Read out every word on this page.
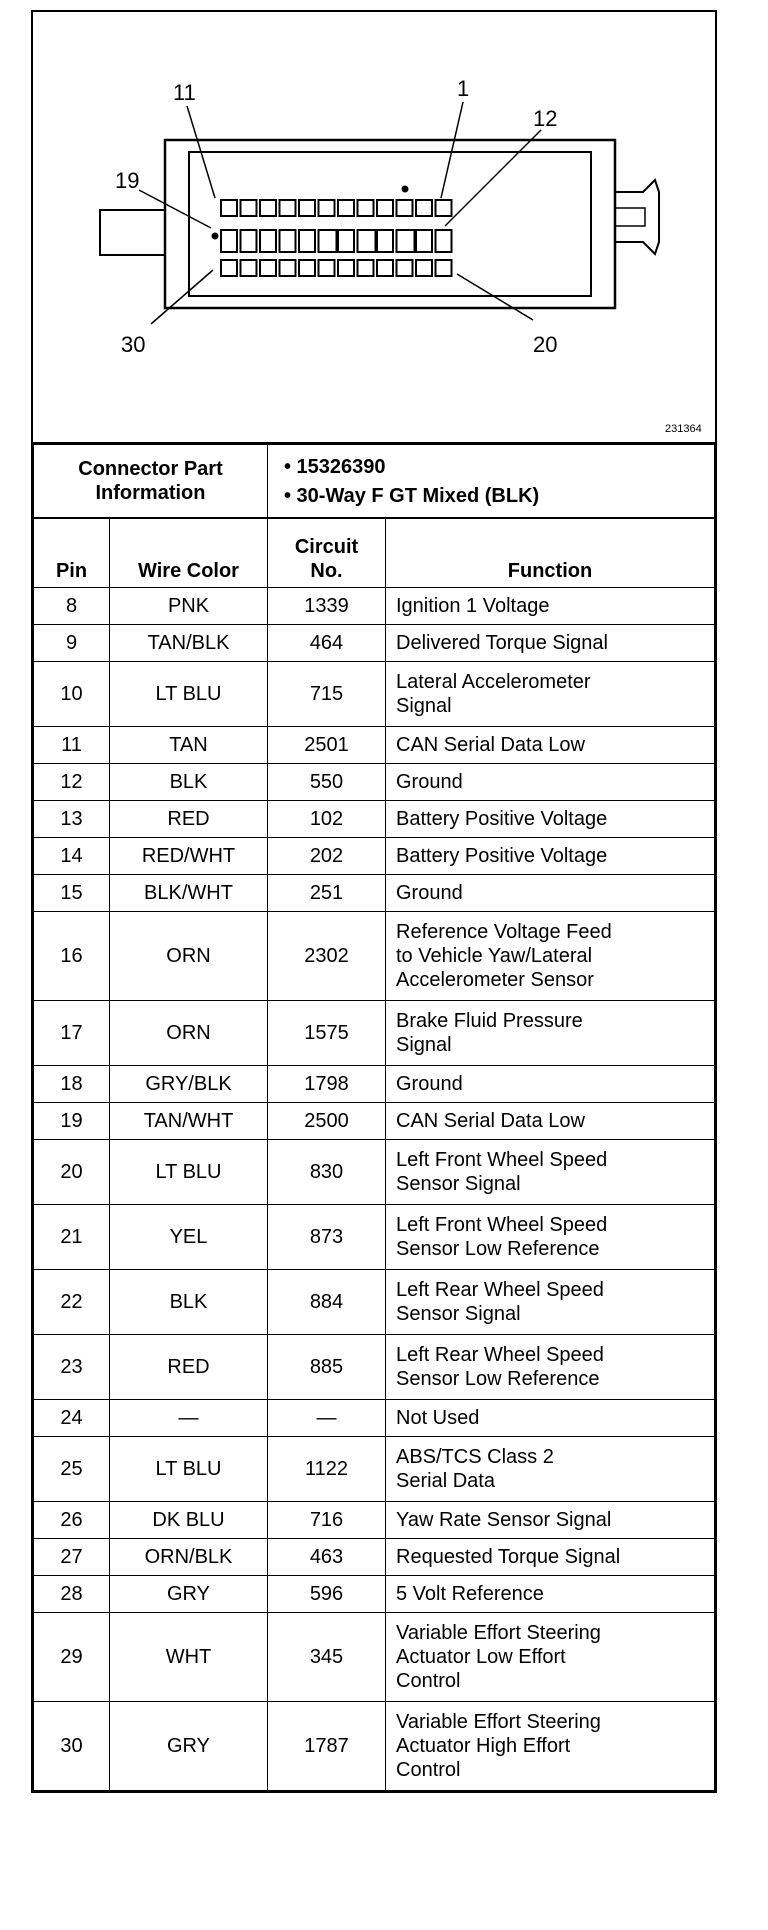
11	1
12
19
30	20
231364
Connector Part
Information

• 15326390
• 30-Way F GT Mixed (BLK)
Pin	Wire Color	Circuit
No.	Function
8	PNK	1339	Ignition 1 Voltage

9	TAN/BLK	464	Delivered Torque Signal

10	LT BLU	715	Lateral Accelerometer
Signal

11	TAN	2501	CAN Serial Data Low

12	BLK	550	Ground

13	RED	102	Battery Positive Voltage

14	RED/WHT	202	Battery Positive Voltage

15	BLK/WHT	251	Ground

16	ORN	2302	Reference Voltage Feed
to Vehicle Yaw/Lateral
Accelerometer Sensor

17	ORN	1575	Brake Fluid Pressure
Signal

18	GRY/BLK	1798	Ground

19	TAN/WHT	2500	CAN Serial Data Low

20	LT BLU	830	Left Front Wheel Speed
Sensor Signal

21	YEL	873	Left Front Wheel Speed
Sensor Low Reference

22	BLK	884	Left Rear Wheel Speed
Sensor Signal

23	RED	885	Left Rear Wheel Speed
Sensor Low Reference

24	—	—	Not Used

25	LT BLU	1122	ABS/TCS Class 2
Serial Data

26	DK BLU	716	Yaw Rate Sensor Signal

27	ORN/BLK	463	Requested Torque Signal

28	GRY	596	5 Volt Reference

29	WHT	345	Variable Effort Steering
Actuator Low Effort
Control

30	GRY	1787	Variable Effort Steering
Actuator High Effort
Control
